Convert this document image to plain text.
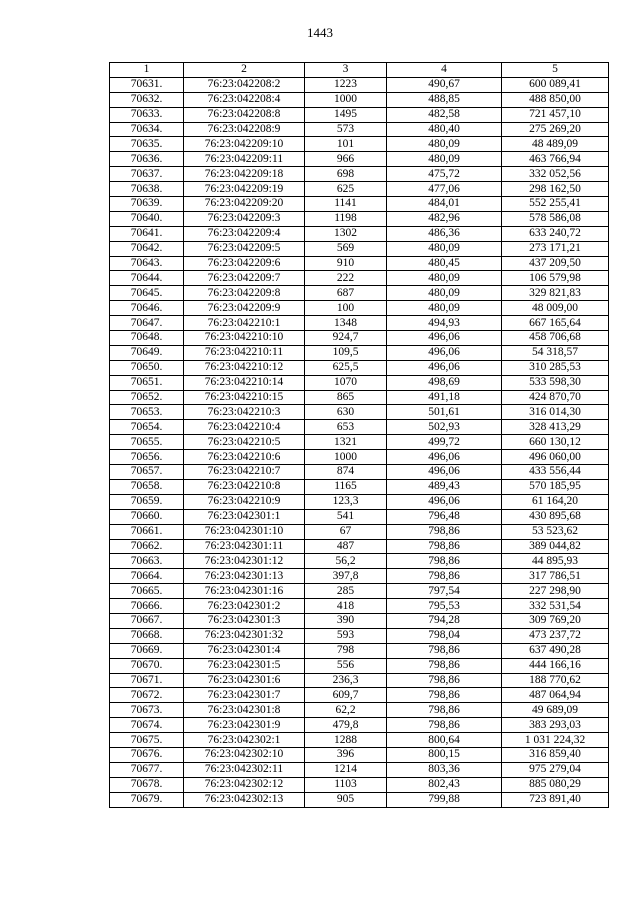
1443
1	2	3	4	5
70631.	76:23:042208:2	1223	490,67	600 089,41
70632.	76:23:042208:4	1000	488,85	488 850,00
70633.	76:23:042208:8	1495	482,58	721 457,10
70634.	76:23:042208:9	573	480,40	275 269,20
70635.	76:23:042209:10	101	480,09	48 489,09
70636.	76:23:042209:11	966	480,09	463 766,94
70637.	76:23:042209:18	698	475,72	332 052,56
70638.	76:23:042209:19	625	477,06	298 162,50
70639.	76:23:042209:20	1141	484,01	552 255,41
70640.	76:23:042209:3	1198	482,96	578 586,08
70641.	76:23:042209:4	1302	486,36	633 240,72
70642.	76:23:042209:5	569	480,09	273 171,21
70643.	76:23:042209:6	910	480,45	437 209,50
70644.	76:23:042209:7	222	480,09	106 579,98
70645.	76:23:042209:8	687	480,09	329 821,83
70646.	76:23:042209:9	100	480,09	48 009,00
70647.	76:23:042210:1	1348	494,93	667 165,64
70648.	76:23:042210:10	924,7	496,06	458 706,68
70649.	76:23:042210:11	109,5	496,06	54 318,57
70650.	76:23:042210:12	625,5	496,06	310 285,53
70651.	76:23:042210:14	1070	498,69	533 598,30
70652.	76:23:042210:15	865	491,18	424 870,70
70653.	76:23:042210:3	630	501,61	316 014,30
70654.	76:23:042210:4	653	502,93	328 413,29
70655.	76:23:042210:5	1321	499,72	660 130,12
70656.	76:23:042210:6	1000	496,06	496 060,00
70657.	76:23:042210:7	874	496,06	433 556,44
70658.	76:23:042210:8	1165	489,43	570 185,95
70659.	76:23:042210:9	123,3	496,06	61 164,20
70660.	76:23:042301:1	541	796,48	430 895,68
70661.	76:23:042301:10	67	798,86	53 523,62
70662.	76:23:042301:11	487	798,86	389 044,82
70663.	76:23:042301:12	56,2	798,86	44 895,93
70664.	76:23:042301:13	397,8	798,86	317 786,51
70665.	76:23:042301:16	285	797,54	227 298,90
70666.	76:23:042301:2	418	795,53	332 531,54
70667.	76:23:042301:3	390	794,28	309 769,20
70668.	76:23:042301:32	593	798,04	473 237,72
70669.	76:23:042301:4	798	798,86	637 490,28
70670.	76:23:042301:5	556	798,86	444 166,16
70671.	76:23:042301:6	236,3	798,86	188 770,62
70672.	76:23:042301:7	609,7	798,86	487 064,94
70673.	76:23:042301:8	62,2	798,86	49 689,09
70674.	76:23:042301:9	479,8	798,86	383 293,03
70675.	76:23:042302:1	1288	800,64	1 031 224,32
70676.	76:23:042302:10	396	800,15	316 859,40
70677.	76:23:042302:11	1214	803,36	975 279,04
70678.	76:23:042302:12	1103	802,43	885 080,29
70679.	76:23:042302:13	905	799,88	723 891,40
